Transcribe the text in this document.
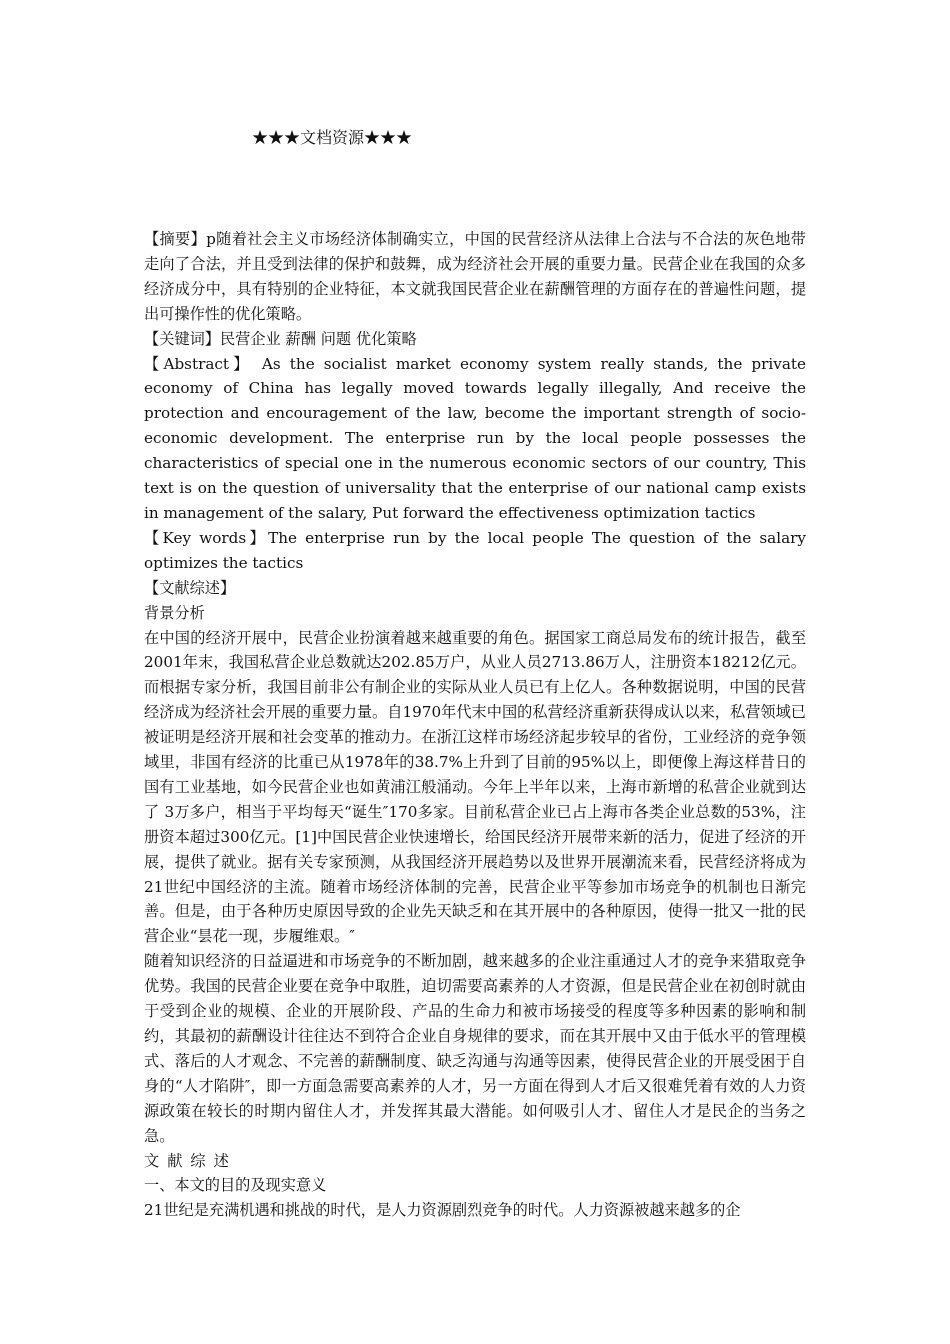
★★★文档资源★★★

【摘要】p随着社会主义市场经济体制确实立，中国的民营经济从法律上合法与不合法的灰色地带走向了合法，并且受到法律的保护和鼓舞，成为经济社会开展的重要力量。民营企业在我国的众多经济成分中，具有特别的企业特征，本文就我国民营企业在薪酬管理的方面存在的普遍性问题，提出可操作性的优化策略。

【关键词】民营企业 薪酬 问题 优化策略

【Abstract】 As the socialist market economy system really stands, the private economy of China has legally moved towards legally illegally, And receive the protection and encouragement of the law, become the important strength of socio-economic development. The enterprise run by the local people possesses the characteristics of special one in the numerous economic sectors of our country, This text is on the question of universality that the enterprise of our national camp exists in management of the salary, Put forward the effectiveness optimization tactics

【Key words】The enterprise run by the local people The question of the salary optimizes the tactics

【文献综述】

背景分析

在中国的经济开展中，民营企业扮演着越来越重要的角色。据国家工商总局发布的统计报告，截至2001年末，我国私营企业总数就达202.85万户，从业人员2713.86万人，注册资本18212亿元。而根据专家分析，我国目前非公有制企业的实际从业人员已有上亿人。各种数据说明，中国的民营经济成为经济社会开展的重要力量。自1970年代末中国的私营经济重新获得成认以来，私营领域已被证明是经济开展和社会变革的推动力。在浙江这样市场经济起步较早的省份，工业经济的竞争领域里，非国有经济的比重已从1978年的38.7%上升到了目前的95%以上，即便像上海这样昔日的国有工业基地，如今民营企业也如黄浦江般涌动。今年上半年以来，上海市新增的私营企业就到达了 3万多户，相当于平均每天“诞生″170多家。目前私营企业已占上海市各类企业总数的53%，注册资本超过300亿元。[1]中国民营企业快速增长，给国民经济开展带来新的活力，促进了经济的开展，提供了就业。据有关专家预测，从我国经济开展趋势以及世界开展潮流来看，民营经济将成为21世纪中国经济的主流。随着市场经济体制的完善，民营企业平等参加市场竞争的机制也日渐完善。但是，由于各种历史原因导致的企业先天缺乏和在其开展中的各种原因，使得一批又一批的民营企业“昙花一现，步履维艰。″

随着知识经济的日益逼进和市场竞争的不断加剧，越来越多的企业注重通过人才的竞争来猎取竞争优势。我国的民营企业要在竞争中取胜，迫切需要高素养的人才资源，但是民营企业在初创时就由于受到企业的规模、企业的开展阶段、产品的生命力和被市场接受的程度等多种因素的影响和制约，其最初的薪酬设计往往达不到符合企业自身规律的要求，而在其开展中又由于低水平的管理模式、落后的人才观念、不完善的薪酬制度、缺乏沟通与沟通等因素，使得民营企业的开展受困于自身的“人才陷阱″，即一方面急需要高素养的人才，另一方面在得到人才后又很难凭着有效的人力资源政策在较长的时期内留住人才，并发挥其最大潜能。如何吸引人才、留住人才是民企的当务之急。

文献综述

一、本文的目的及现实意义

21世纪是充满机遇和挑战的时代，是人力资源剧烈竞争的时代。人力资源被越来越多的企
